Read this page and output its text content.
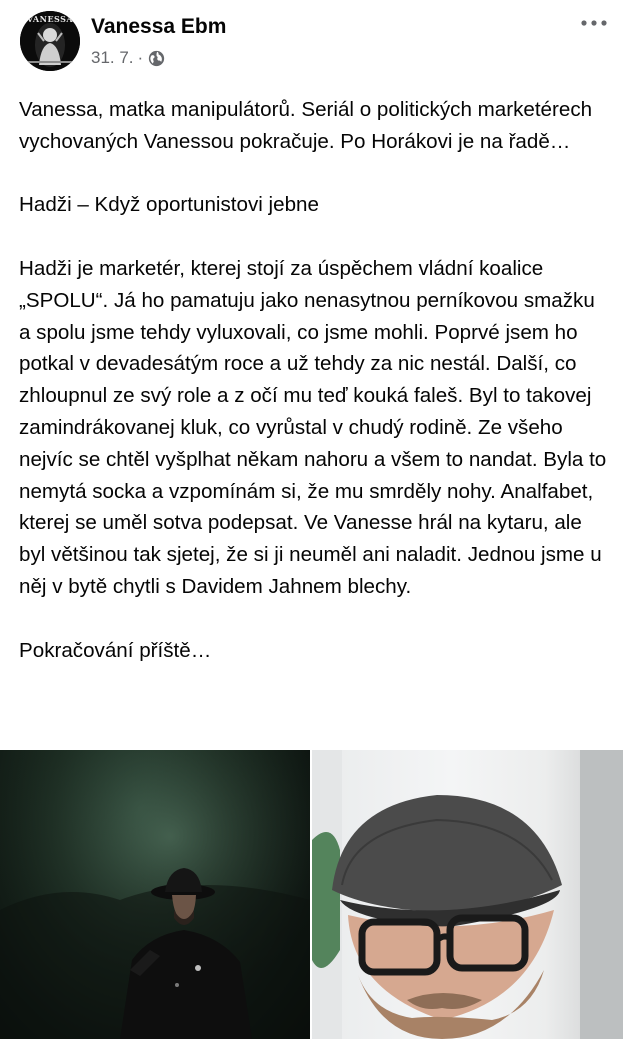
VANESSA Vanessa Ebm
31. 7. ·
Vanessa, matka manipulátorů. Seriál o politických marketérech vychovaných Vanessou pokračuje. Po Horákovi je na řadě…
Hadži – Když oportunistovi jebne
Hadži je marketér, kterej stojí za úspěchem vládní koalice „SPOLU“. Já ho pamatuju jako nenasytnou perníkovou smažku a spolu jsme tehdy vyluxovali, co jsme mohli. Poprvé jsem ho potkal v devadesátým roce a už tehdy za nic nestál. Další, co zhloupnul ze svý role a z očí mu teď kouká faleš. Byl to takovej zamindrákovanej kluk, co vyrůstal v chudý rodině. Ze všeho nejvíc se chtěl vyšplhat někam nahoru a všem to nandat. Byla to nemytá socka a vzpomínám si, že mu smrděly nohy. Analfabet, kterej se uměl sotva podepsat. Ve Vanesse hrál na kytaru, ale byl většinou tak sjetej, že si ji neuměl ani naladit. Jednou jsme u něj v bytě chytli s Davidem Jahnem blechy.
Pokračování příště…
